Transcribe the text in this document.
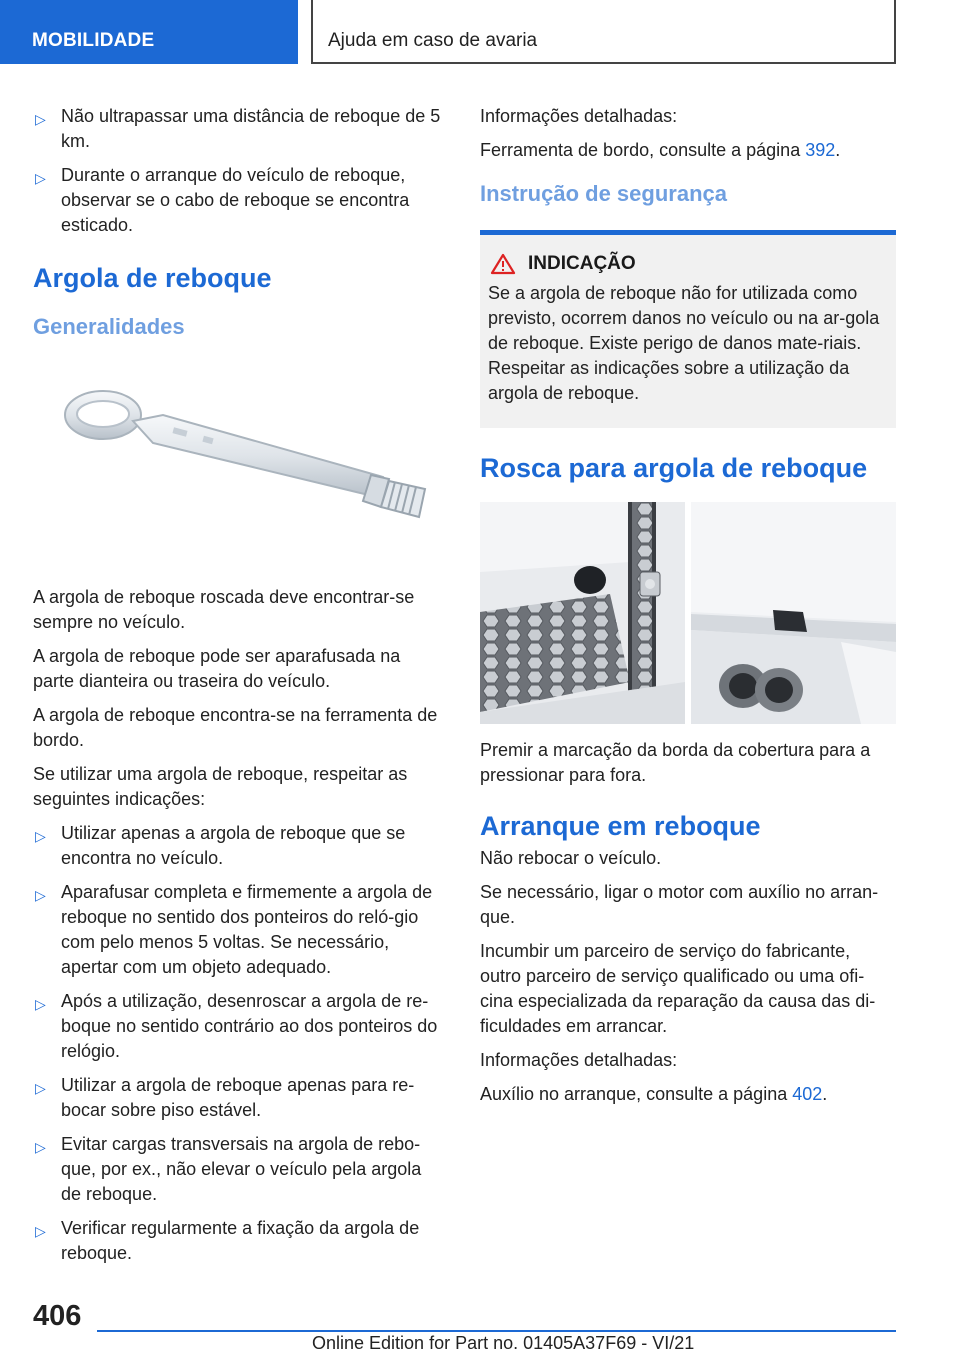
MOBILIDADE	Ajuda em caso de avaria
▷ Não ultrapassar uma distância de reboque de 5 km.
▷ Durante o arranque do veículo de reboque, observar se o cabo de reboque se encontra esticado.
Argola de reboque
Generalidades

A argola de reboque roscada deve encontrar‐se sempre no veículo.

A argola de reboque pode ser aparafusada na parte dianteira ou traseira do veículo.

A argola de reboque encontra‐se na ferramenta de bordo.

Se utilizar uma argola de reboque, respeitar as seguintes indicações:

▷ Utilizar apenas a argola de reboque que se encontra no veículo.
▷ Aparafusar completa e firmemente a argola de reboque no sentido dos ponteiros do reló‐gio com pelo menos 5 voltas. Se necessário, apertar com um objeto adequado.
▷ Após a utilização, desenroscar a argola de re‐boque no sentido contrário ao dos ponteiros do relógio.
▷ Utilizar a argola de reboque apenas para re‐bocar sobre piso estável.
▷ Evitar cargas transversais na argola de rebo‐que, por ex., não elevar o veículo pela argola de reboque.
▷ Verificar regularmente a fixação da argola de reboque.

Informações detalhadas:

Ferramenta de bordo, consulte a página 392.

Instrução de segurança
INDICAÇÃO

Se a argola de reboque não for utilizada como previsto, ocorrem danos no veículo ou na ar‐gola de reboque. Existe perigo de danos mate‐riais. Respeitar as indicações sobre a utilização da argola de reboque.

Rosca para argola de reboque

Premir a marcação da borda da cobertura para a pressionar para fora.

Arranque em reboque

Não rebocar o veículo.

Se necessário, ligar o motor com auxílio no arran‐que.

Incumbir um parceiro de serviço do fabricante, outro parceiro de serviço qualificado ou uma ofi‐cina especializada da reparação da causa das di‐ficuldades em arrancar.

Informações detalhadas:

Auxílio no arranque, consulte a página 402.

406
Online Edition for Part no. 01405A37F69 - VI/21
